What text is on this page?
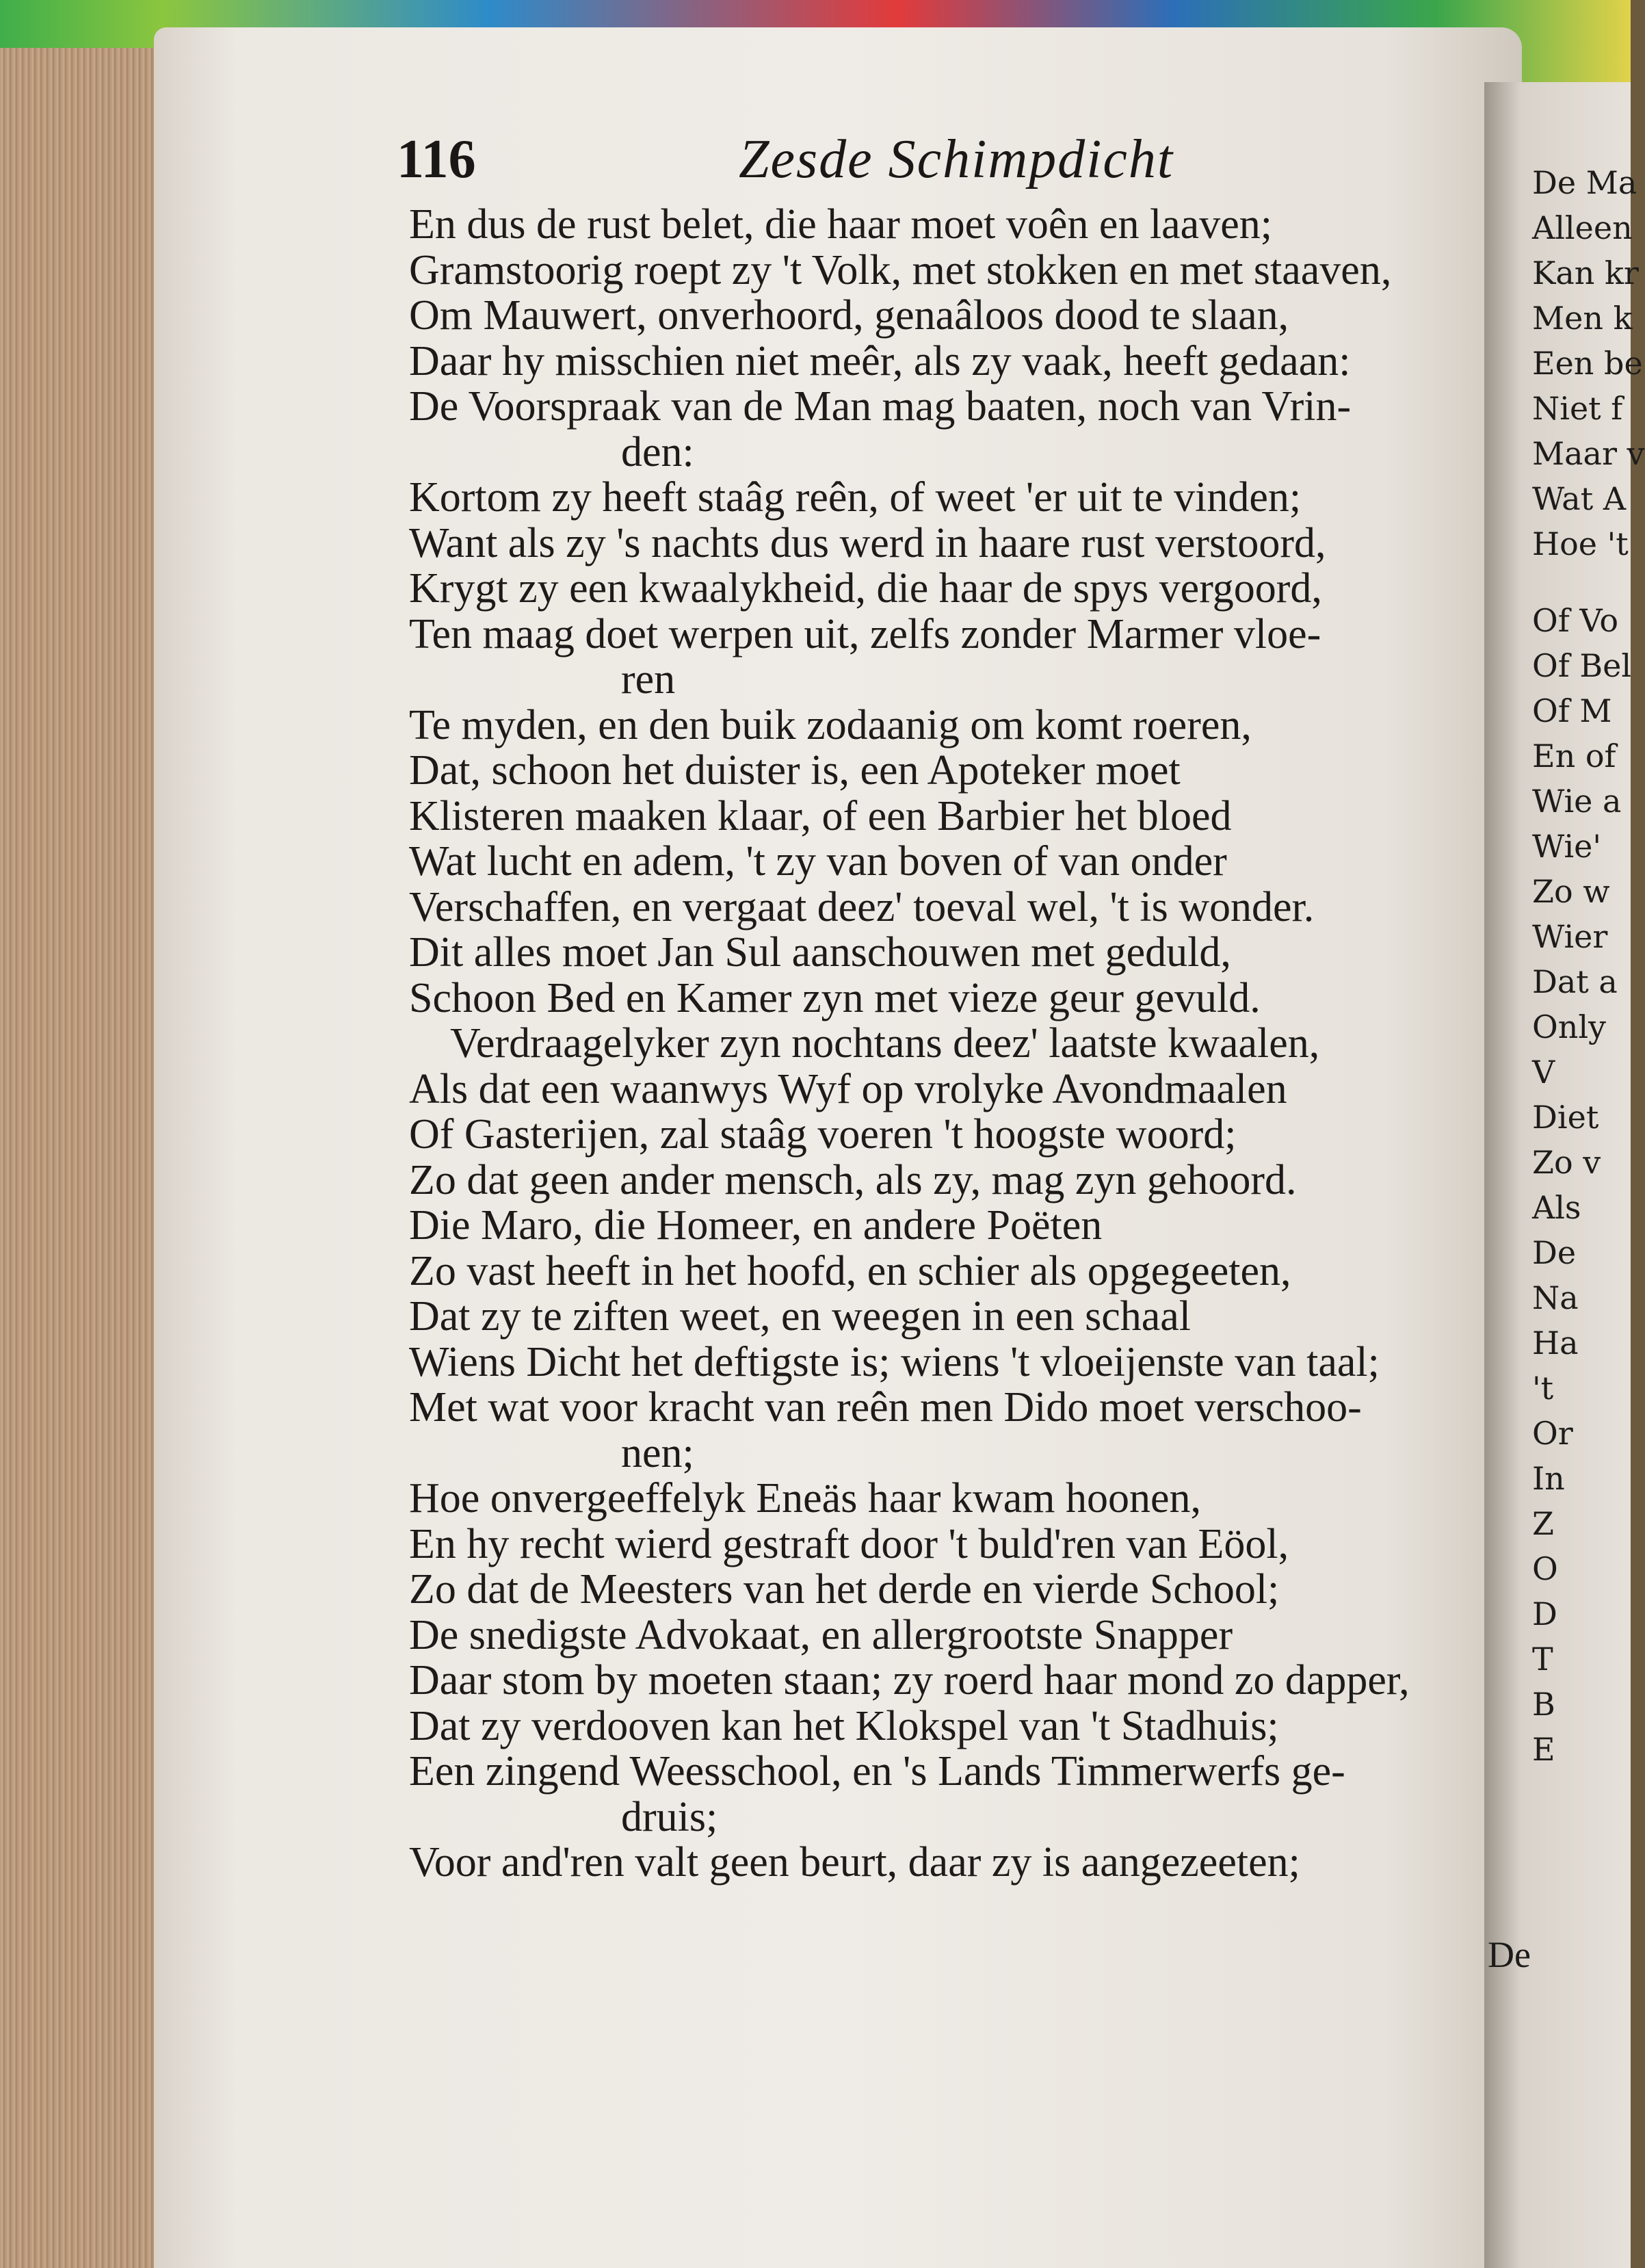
De Ma
Alleen
Kan kr
Men k
Een be
Niet f
Maar v
Wat A
Hoe 't
Of Vo
Of Bel
Of M
En of
Wie a
Wie'
Zo w
Wier
Dat a
Only
V
Diet
Zo v
Als
De
Na
Ha
't
Or
In
Z
O
D
T
B
E
116	Zesde Schimpdicht
En dus de rust belet, die haar moet voên en laaven;
Gramstoorig roept zy 't Volk, met stokken en met staaven,
Om Mauwert, onverhoord, genaâloos dood te slaan,
Daar hy misschien niet meêr, als zy vaak, heeft gedaan:
De Voorspraak van de Man mag baaten, noch van Vrin-
den:
Kortom zy heeft staâg reên, of weet 'er uit te vinden;
Want als zy 's nachts dus werd in haare rust verstoord,
Krygt zy een kwaalykheid, die haar de spys vergoord,
Ten maag doet werpen uit, zelfs zonder Marmer vloe-
ren
Te myden, en den buik zodaanig om komt roeren,
Dat, schoon het duister is, een Apoteker moet
Klisteren maaken klaar, of een Barbier het bloed
Wat lucht en adem, 't zy van boven of van onder
Verschaffen, en vergaat deez' toeval wel, 't is wonder.
Dit alles moet Jan Sul aanschouwen met geduld,
Schoon Bed en Kamer zyn met vieze geur gevuld.
Verdraagelyker zyn nochtans deez' laatste kwaalen,
Als dat een waanwys Wyf op vrolyke Avondmaalen
Of Gasterijen, zal staâg voeren 't hoogste woord;
Zo dat geen ander mensch, als zy, mag zyn gehoord.
Die Maro, die Homeer, en andere Poëten
Zo vast heeft in het hoofd, en schier als opgegeeten,
Dat zy te ziften weet, en weegen in een schaal
Wiens Dicht het deftigste is; wiens 't vloeijenste van taal;
Met wat voor kracht van reên men Dido moet verschoo-
nen;
Hoe onvergeeffelyk Eneäs haar kwam hoonen,
En hy recht wierd gestraft door 't buld'ren van Eöol,
Zo dat de Meesters van het derde en vierde School;
De snedigste Advokaat, en allergrootste Snapper
Daar stom by moeten staan; zy roerd haar mond zo dapper,
Dat zy verdooven kan het Klokspel van 't Stadhuis;
Een zingend Weesschool, en 's Lands Timmerwerfs ge-
druis;
Voor and'ren valt geen beurt, daar zy is aangezeeten;
De
